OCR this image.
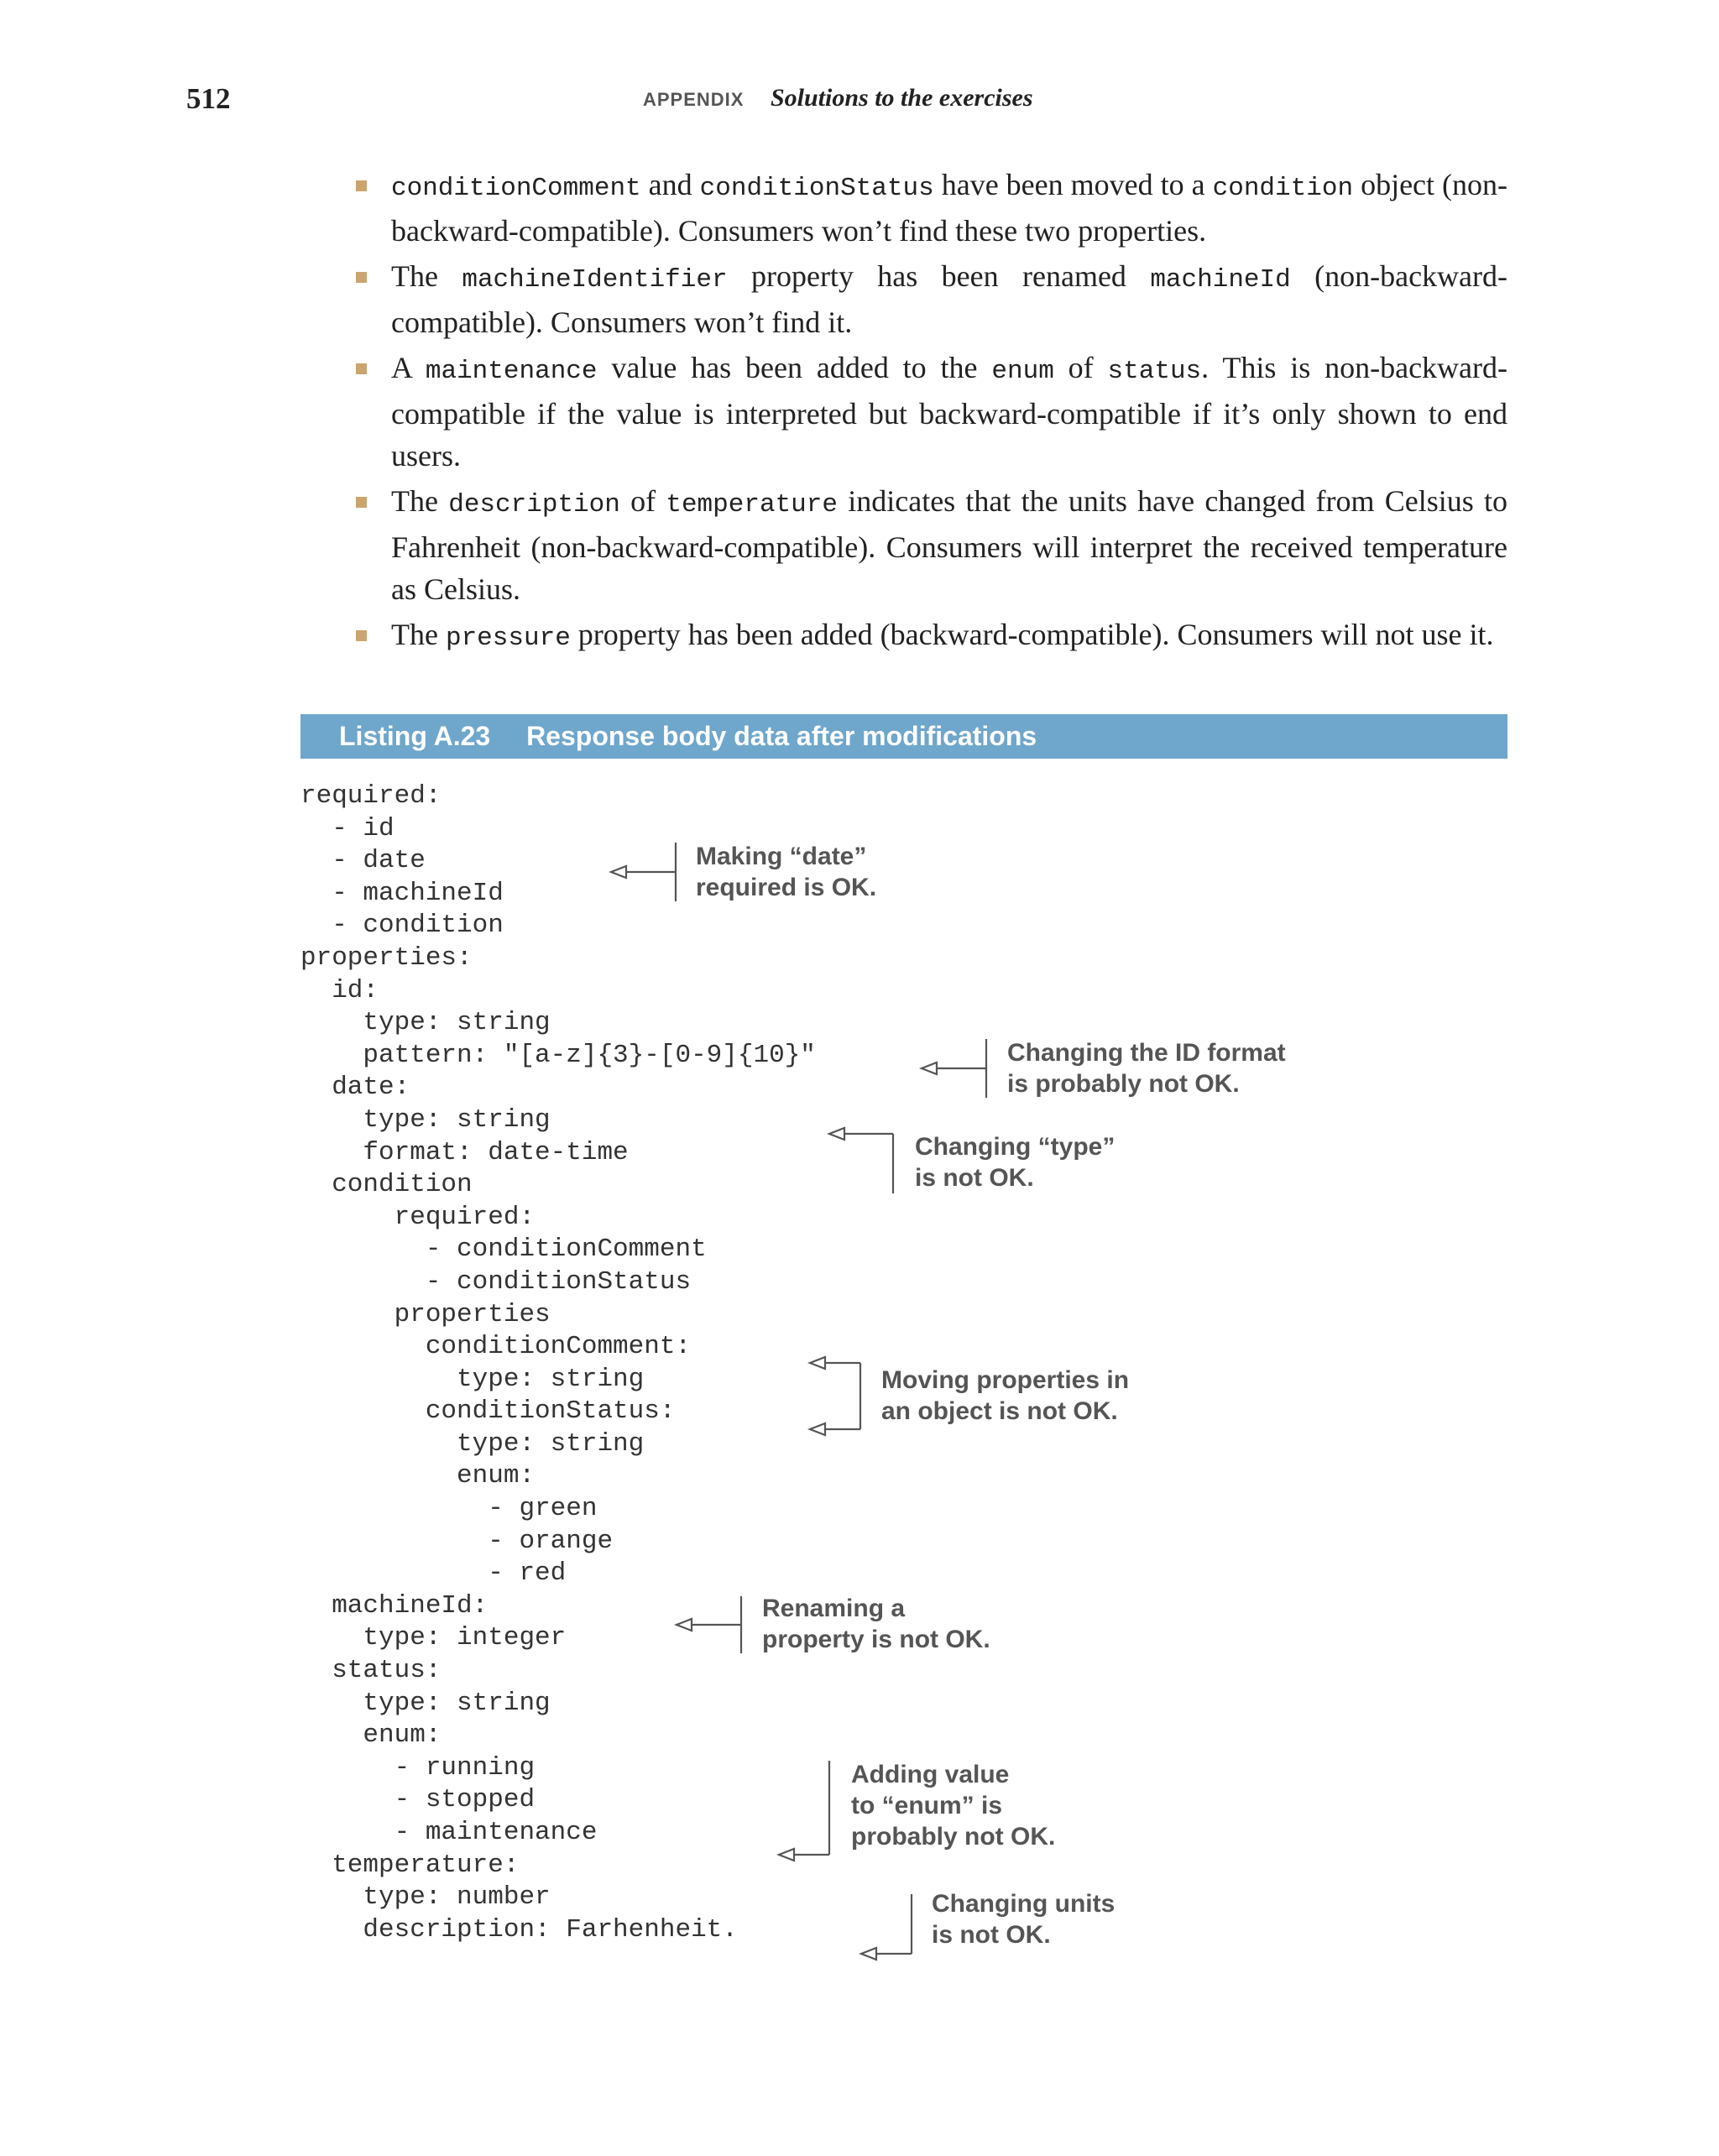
512	APPENDIX Solutions to the exercises
conditionComment and conditionStatus have been moved to a condition object (non-backward-compatible). Consumers won’t find these two properties.
The machineIdentifier property has been renamed machineId (non-backward-compatible). Consumers won’t find it.
A maintenance value has been added to the enum of status. This is non-backward-compatible if the value is interpreted but backward-compatible if it’s only shown to end users.
The description of temperature indicates that the units have changed from Celsius to Fahrenheit (non-backward-compatible). Consumers will interpret the received temperature as Celsius.
The pressure property has been added (backward-compatible). Consumers will not use it.
Listing A.23 Response body data after modifications
required:
- id
- date
- machineId
- condition
properties:
id:
type: string
pattern: "[a-z]{3}-[0-9]{10}"
date:
type: string
format: date-time
condition
required:
- conditionComment
- conditionStatus
properties
conditionComment:
type: string
conditionStatus:
type: string
enum:
- green
- orange
- red
machineId:
type: integer
status:
type: string
enum:
- running
- stopped
- maintenance
temperature:
type: number
description: Farhenheit.
Making “date”
required is OK.
Changing the ID format
is probably not OK.
Changing “type”
is not OK.
Moving properties in
an object is not OK.
Renaming a
property is not OK.
Adding value
to “enum” is
probably not OK.
Changing units
is not OK.
